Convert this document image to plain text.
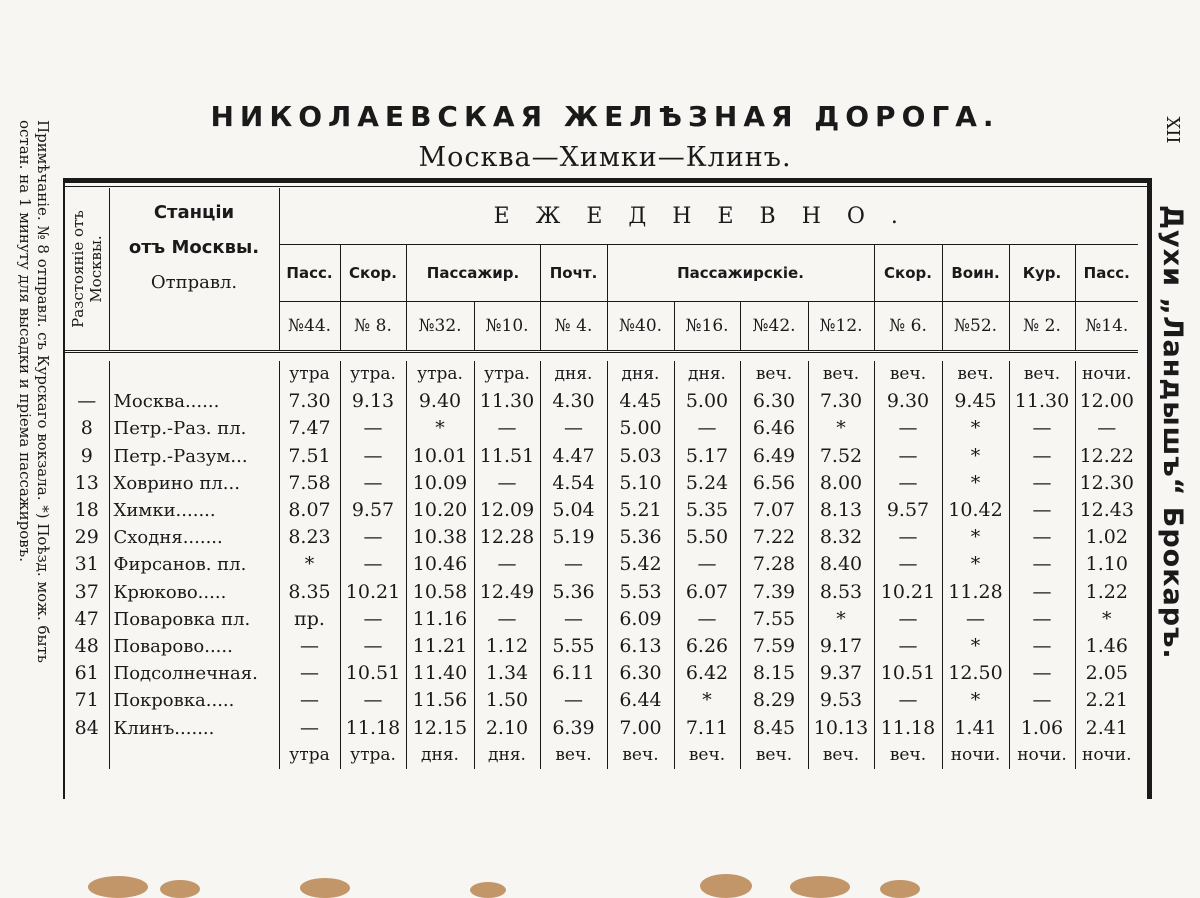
НИКОЛАЕВСКАЯ ЖЕЛѢЗНАЯ ДОРОГА.
Москва—Химки—Клинъ.
XII
Примѣчаніе. № 8 отправл. съ Курскаго вокзала. *) Поѣзд. мож. быть
остан. на 1 минуту для высадки и пріема пассажировъ.	Духи „Ландышъ“ Брокаръ.
Разстояніе отъ Москвы.	Станціи
отъ Москвы.
Отправл.	ЕЖЕДНЕВНО.												
		Пасс.	Скор.	Пассажир.		Почт.	Пассажирскіе.				Скор.	Воин.	Кур.	Пасс.
		№44.	№ 8.	№32.	№10.	№ 4.	№40.	№16.	№42.	№12.	№ 6.	№52.	№ 2.	№14.

		утра	утра.	утра.	утра.	дня.	дня.	дня.	веч.	веч.	веч.	веч.	веч.	ночи.
—	Москва......	7.30	9.13	9.40	11.30	4.30	4.45	5.00	6.30	7.30	9.30	9.45	11.30	12.00
8	Петр.-Раз. пл.	7.47	—	*	—	—	5.00	—	6.46	*	—	*	—	—
9	Петр.-Разум...	7.51	—	10.01	11.51	4.47	5.03	5.17	6.49	7.52	—	*	—	12.22
13	Ховрино пл...	7.58	—	10.09	—	4.54	5.10	5.24	6.56	8.00	—	*	—	12.30
18	Химки.......	8.07	9.57	10.20	12.09	5.04	5.21	5.35	7.07	8.13	9.57	10.42	—	12.43
29	Сходня.......	8.23	—	10.38	12.28	5.19	5.36	5.50	7.22	8.32	—	*	—	1.02
31	Фирсанов. пл.	*	—	10.46	—	—	5.42	—	7.28	8.40	—	*	—	1.10
37	Крюково.....	8.35	10.21	10.58	12.49	5.36	5.53	6.07	7.39	8.53	10.21	11.28	—	1.22
47	Поваровка пл.	пр.	—	11.16	—	—	6.09	—	7.55	*	—	—	—	*
48	Поварово.....	—	—	11.21	1.12	5.55	6.13	6.26	7.59	9.17	—	*	—	1.46
61	Подсолнечная.	—	10.51	11.40	1.34	6.11	6.30	6.42	8.15	9.37	10.51	12.50	—	2.05
71	Покровка.....	—	—	11.56	1.50	—	6.44	*	8.29	9.53	—	*	—	2.21
84	Клинъ.......	—	11.18	12.15	2.10	6.39	7.00	7.11	8.45	10.13	11.18	1.41	1.06	2.41
		утра	утра.	дня.	дня.	веч.	веч.	веч.	веч.	веч.	веч.	ночи.	ночи.	ночи.
